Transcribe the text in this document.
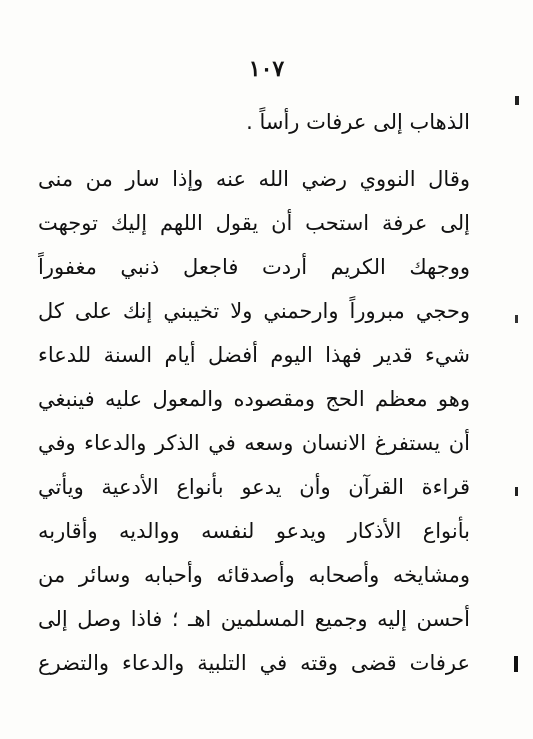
١٠٧
الذهاب إلى عرفات رأساً .
وقال النووي رضي الله عنه وإذا سار من منى
إلى عرفة استحب أن يقول اللهم إليك توجهت
ووجهك الكريم أردت فاجعل ذنبي مغفوراً
وحجي مبروراً وارحمني ولا تخيبني إنك على كل
شيء قدير فهذا اليوم أفضل أيام السنة للدعاء
وهو معظم الحج ومقصوده والمعول عليه فينبغي
أن يستفرغ الانسان وسعه في الذكر والدعاء وفي
قراءة القرآن وأن يدعو بأنواع الأدعية ويأتي
بأنواع الأذكار ويدعو لنفسه ووالديه وأقاربه
ومشايخه وأصحابه وأصدقائه وأحبابه وسائر من
أحسن إليه وجميع المسلمين اهـ ؛ فاذا وصل إلى
عرفات قضى وقته في التلبية والدعاء والتضرع
